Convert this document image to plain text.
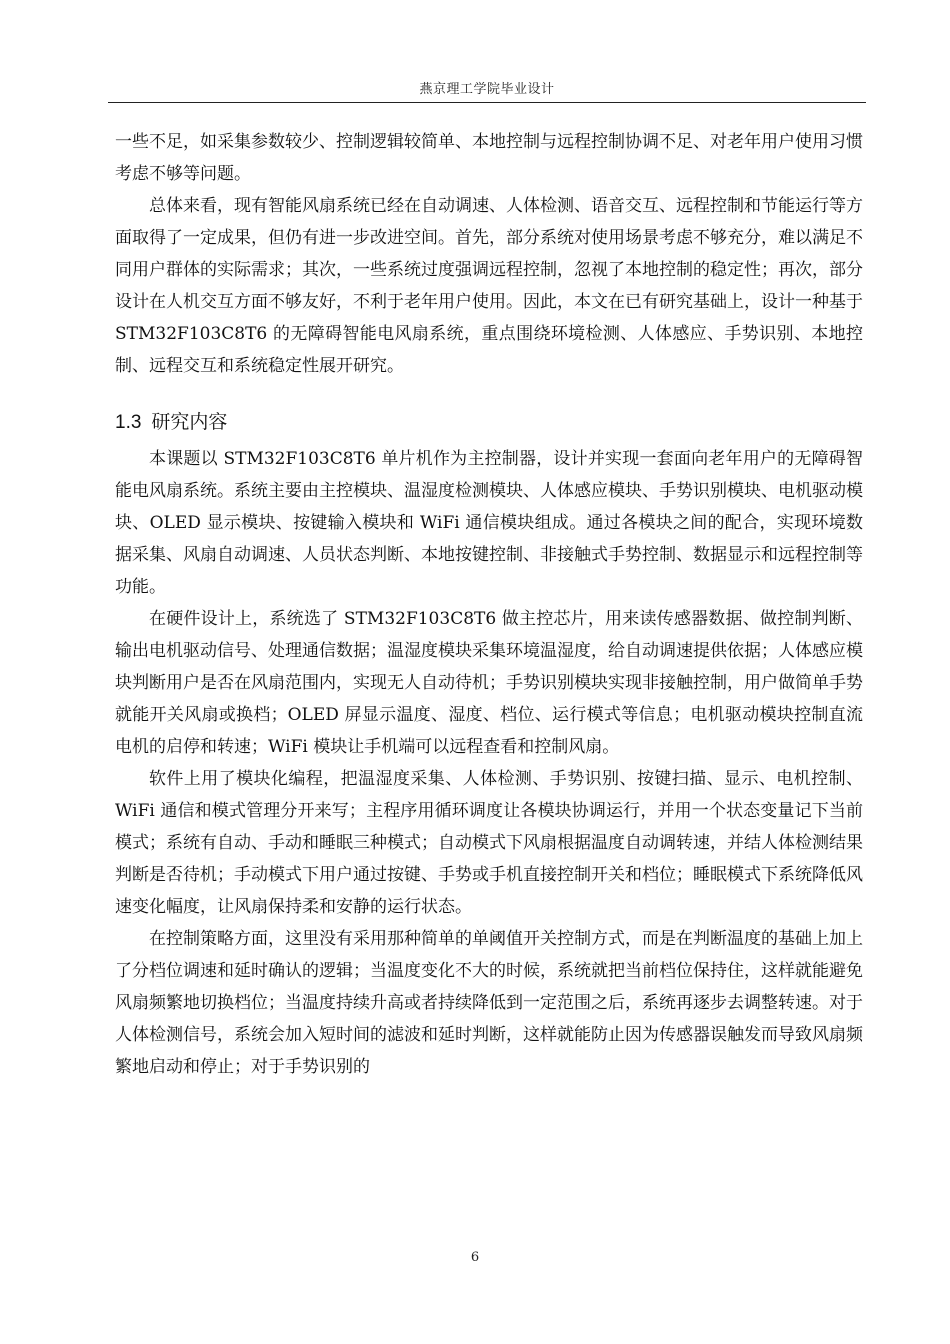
燕京理工学院毕业设计

一些不足，如采集参数较少、控制逻辑较简单、本地控制与远程控制协调不足、对老年用户使用习惯考虑不够等问题。

总体来看，现有智能风扇系统已经在自动调速、人体检测、语音交互、远程控制和节能运行等方面取得了一定成果，但仍有进一步改进空间。首先，部分系统对使用场景考虑不够充分，难以满足不同用户群体的实际需求；其次，一些系统过度强调远程控制，忽视了本地控制的稳定性；再次，部分设计在人机交互方面不够友好，不利于老年用户使用。因此，本文在已有研究基础上，设计一种基于 STM32F103C8T6 的无障碍智能电风扇系统，重点围绕环境检测、人体感应、手势识别、本地控制、远程交互和系统稳定性展开研究。

1.3 研究内容

本课题以 STM32F103C8T6 单片机作为主控制器，设计并实现一套面向老年用户的无障碍智能电风扇系统。系统主要由主控模块、温湿度检测模块、人体感应模块、手势识别模块、电机驱动模块、OLED 显示模块、按键输入模块和 WiFi 通信模块组成。通过各模块之间的配合，实现环境数据采集、风扇自动调速、人员状态判断、本地按键控制、非接触式手势控制、数据显示和远程控制等功能。

在硬件设计上，系统选了 STM32F103C8T6 做主控芯片，用来读传感器数据、做控制判断、输出电机驱动信号、处理通信数据；温湿度模块采集环境温湿度，给自动调速提供依据；人体感应模块判断用户是否在风扇范围内，实现无人自动待机；手势识别模块实现非接触控制，用户做简单手势就能开关风扇或换档；OLED 屏显示温度、湿度、档位、运行模式等信息；电机驱动模块控制直流电机的启停和转速；WiFi 模块让手机端可以远程查看和控制风扇。

软件上用了模块化编程，把温湿度采集、人体检测、手势识别、按键扫描、显示、电机控制、WiFi 通信和模式管理分开来写；主程序用循环调度让各模块协调运行，并用一个状态变量记下当前模式；系统有自动、手动和睡眠三种模式；自动模式下风扇根据温度自动调转速，并结人体检测结果判断是否待机；手动模式下用户通过按键、手势或手机直接控制开关和档位；睡眠模式下系统降低风速变化幅度，让风扇保持柔和安静的运行状态。

在控制策略方面，这里没有采用那种简单的单阈值开关控制方式，而是在判断温度的基础上加上了分档位调速和延时确认的逻辑；当温度变化不大的时候，系统就把当前档位保持住，这样就能避免风扇频繁地切换档位；当温度持续升高或者持续降低到一定范围之后，系统再逐步去调整转速。对于人体检测信号，系统会加入短时间的滤波和延时判断，这样就能防止因为传感器误触发而导致风扇频繁地启动和停止；对于手势识别的

6
